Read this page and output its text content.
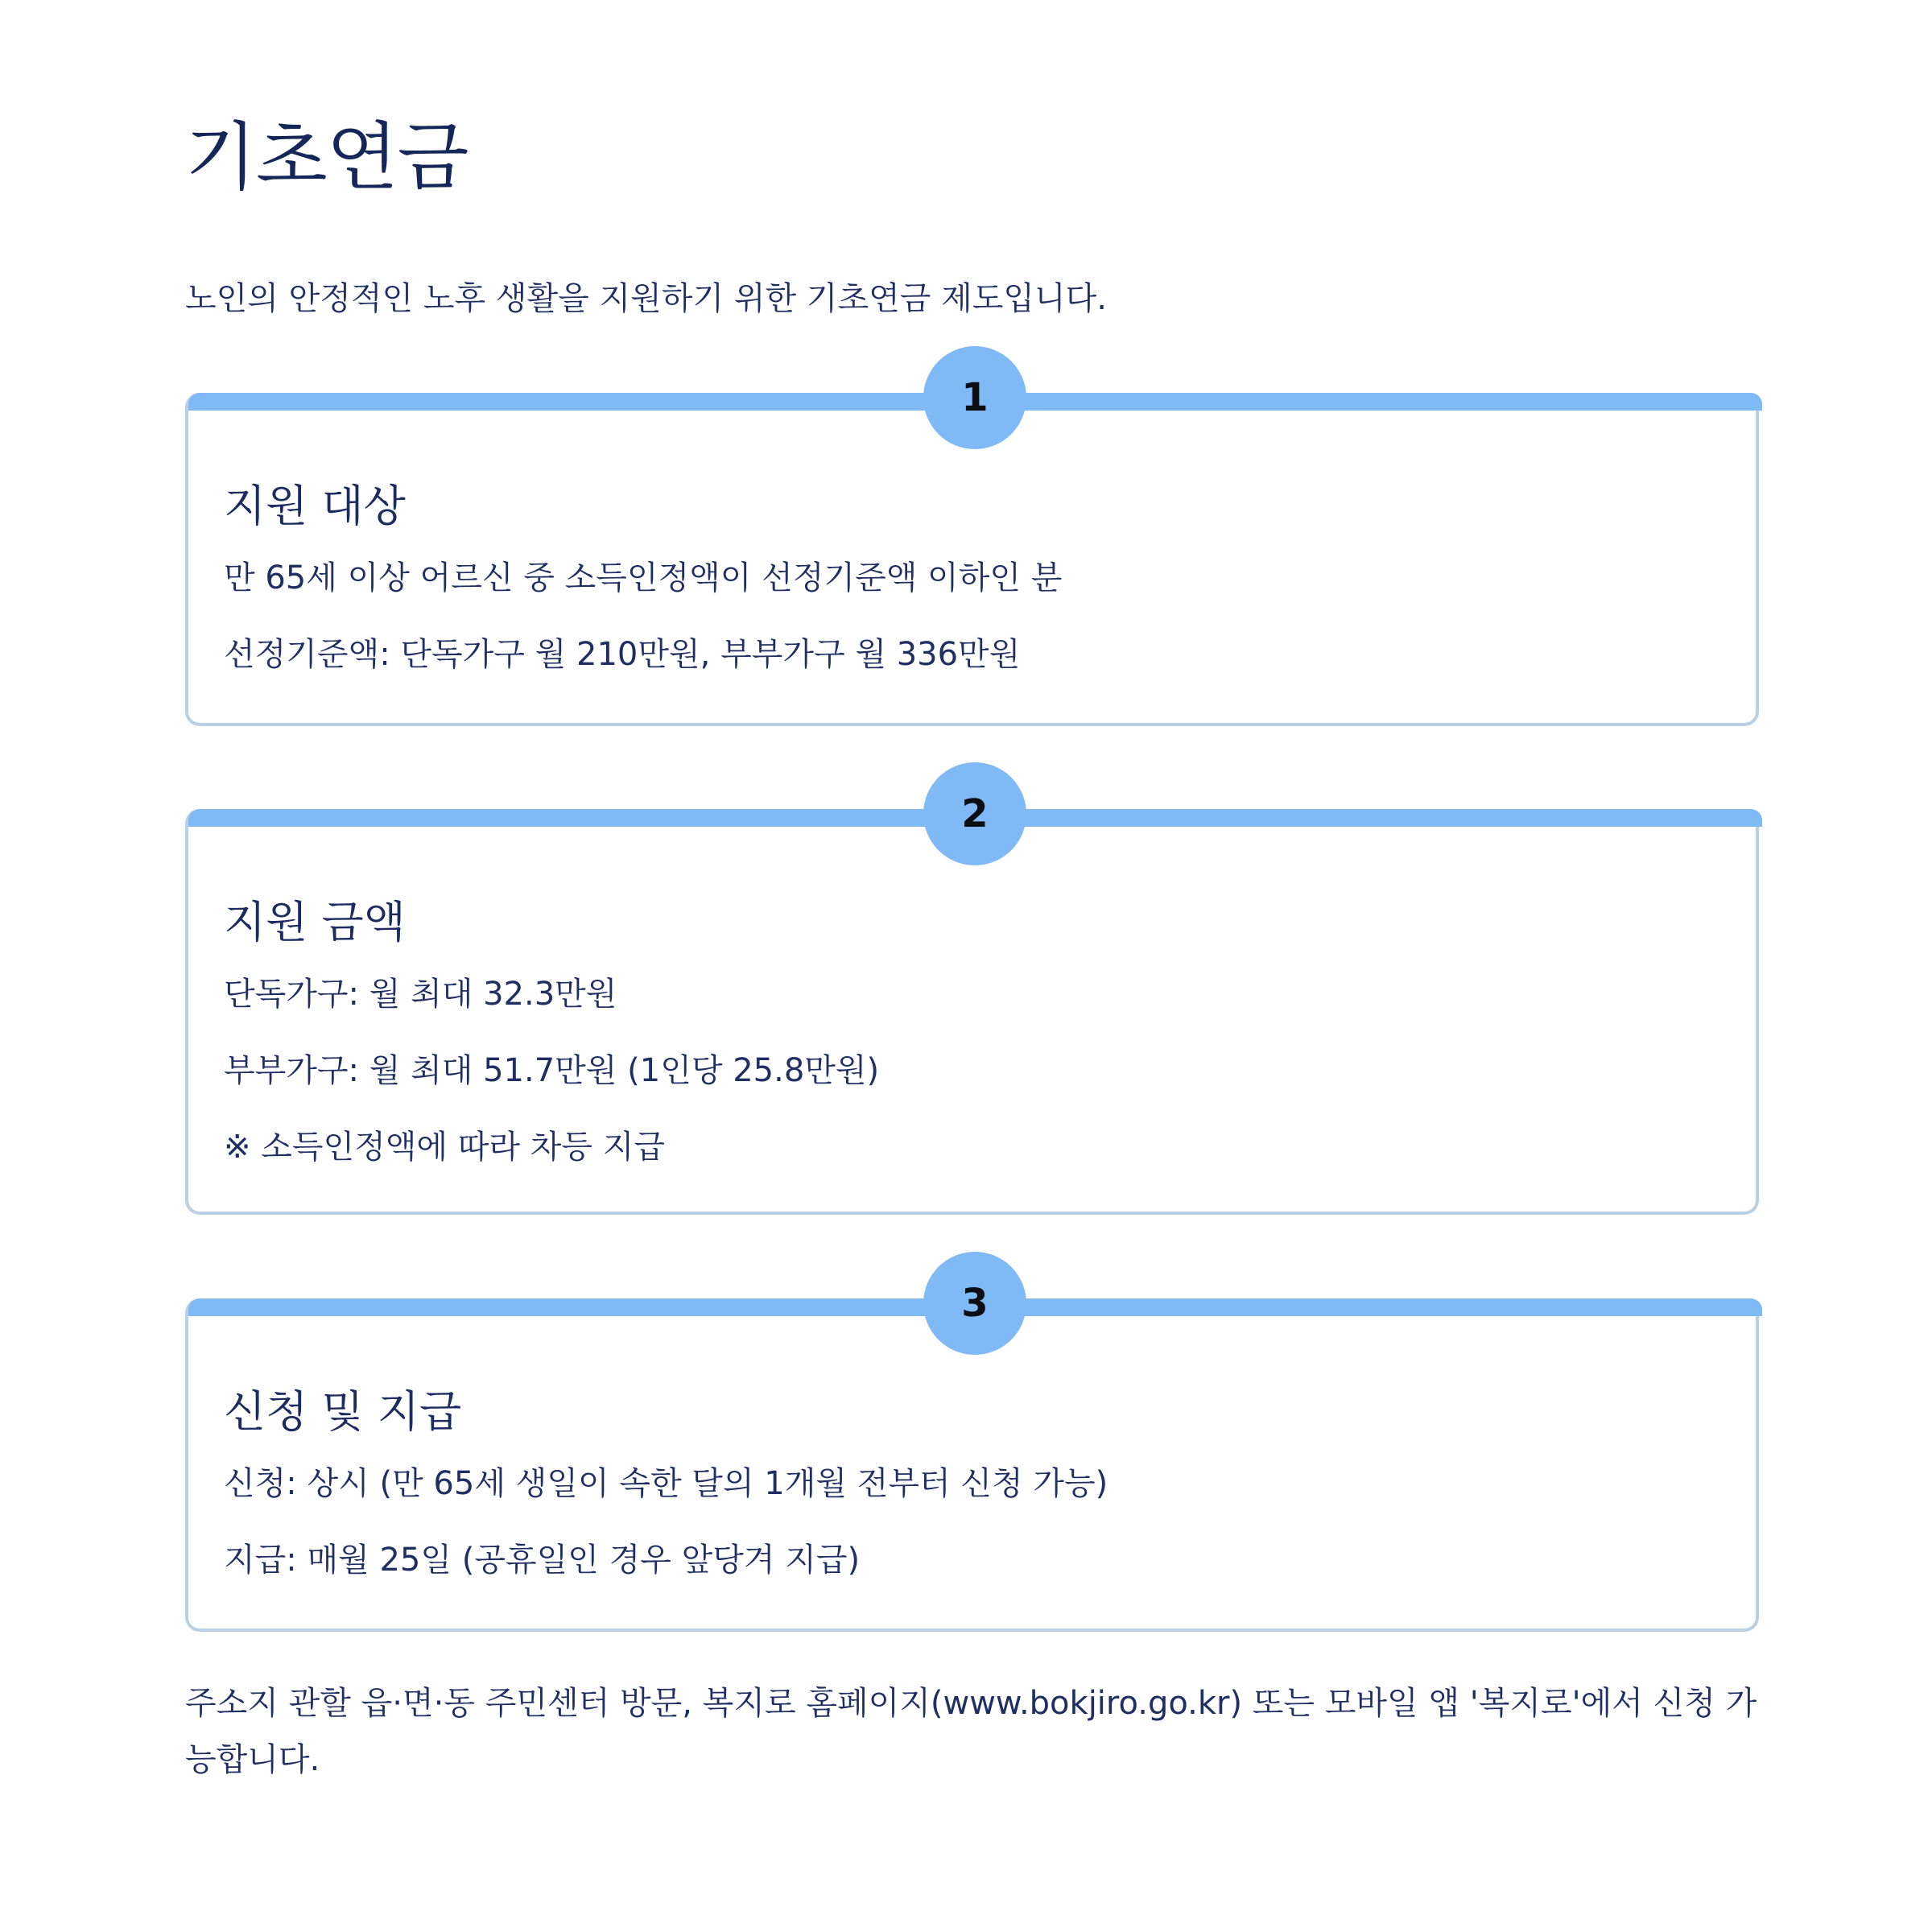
기초연금
노인의 안정적인 노후 생활을 지원하기 위한 기초연금 제도입니다.
1
지원 대상
만 65세 이상 어르신 중 소득인정액이 선정기준액 이하인 분
선정기준액: 단독가구 월 210만원, 부부가구 월 336만원
2
지원 금액
단독가구: 월 최대 32.3만원
부부가구: 월 최대 51.7만원 (1인당 25.8만원)
※ 소득인정액에 따라 차등 지급
3
신청 및 지급
신청: 상시 (만 65세 생일이 속한 달의 1개월 전부터 신청 가능)
지급: 매월 25일 (공휴일인 경우 앞당겨 지급)
주소지 관할 읍·면·동 주민센터 방문, 복지로 홈페이지(www.bokjiro.go.kr) 또는 모바일 앱 '복지로'에서 신청 가능합니다.
